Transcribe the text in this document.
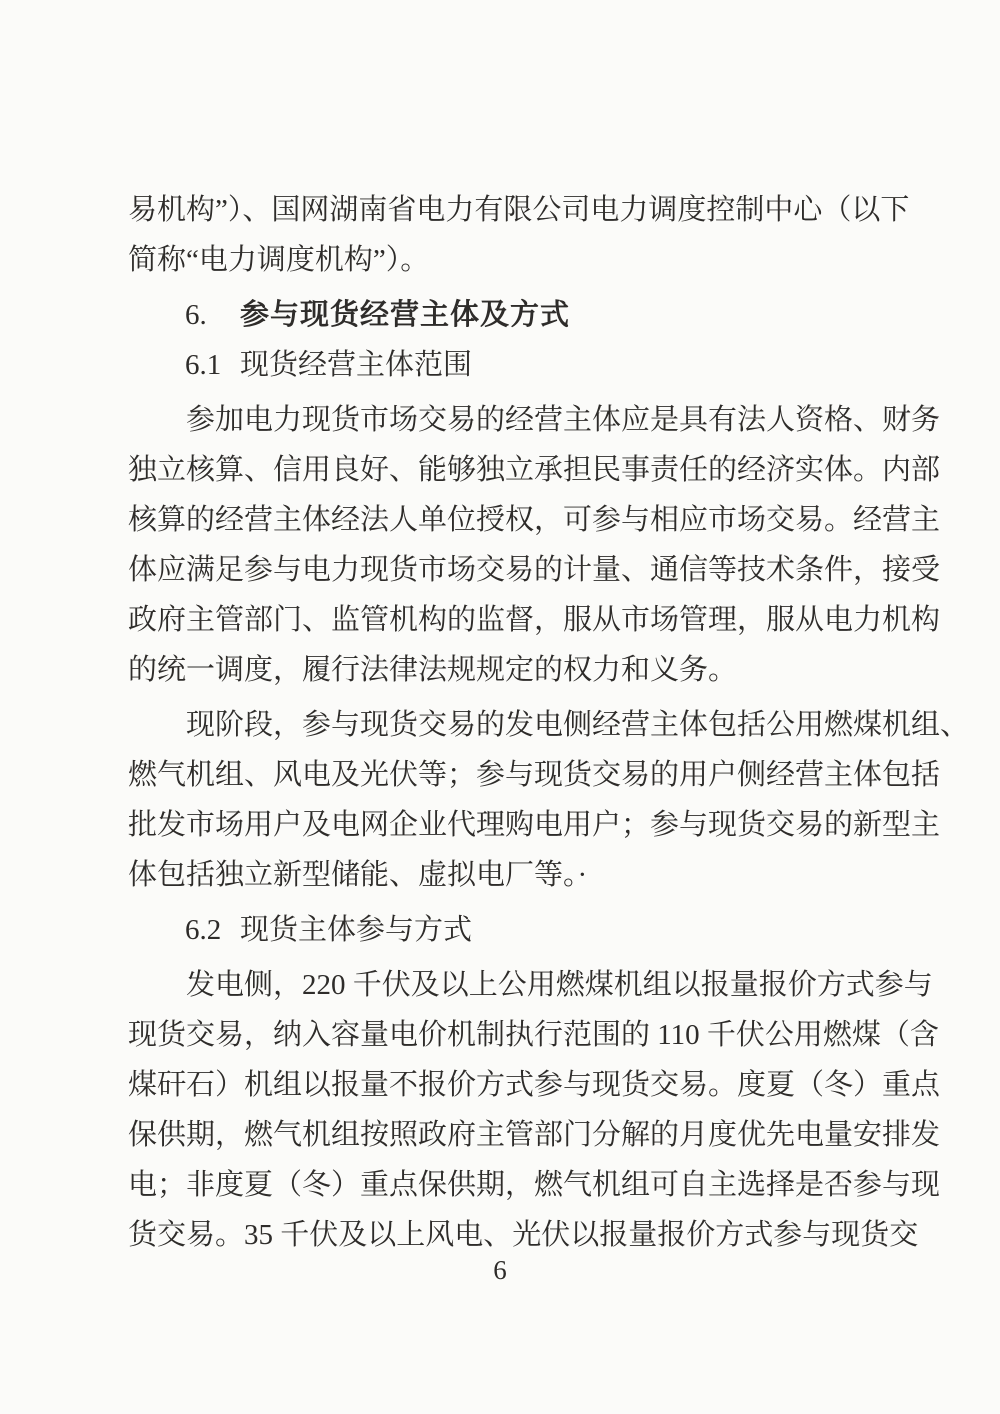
易机构”）、国网湖南省电力有限公司电力调度控制中心（以下
简称“电力调度机构”）。
6. 参与现货经营主体及方式
6.1 现货经营主体范围
参加电力现货市场交易的经营主体应是具有法人资格、财务
独立核算、信用良好、能够独立承担民事责任的经济实体。内部
核算的经营主体经法人单位授权，可参与相应市场交易。经营主
体应满足参与电力现货市场交易的计量、通信等技术条件，接受
政府主管部门、监管机构的监督，服从市场管理，服从电力机构
的统一调度，履行法律法规规定的权力和义务。
现阶段，参与现货交易的发电侧经营主体包括公用燃煤机组、
燃气机组、风电及光伏等；参与现货交易的用户侧经营主体包括
批发市场用户及电网企业代理购电用户；参与现货交易的新型主
体包括独立新型储能、虚拟电厂等。·
6.2 现货主体参与方式
发电侧，220 千伏及以上公用燃煤机组以报量报价方式参与
现货交易，纳入容量电价机制执行范围的 110 千伏公用燃煤（含
煤矸石）机组以报量不报价方式参与现货交易。度夏（冬）重点
保供期，燃气机组按照政府主管部门分解的月度优先电量安排发
电；非度夏（冬）重点保供期，燃气机组可自主选择是否参与现
货交易。35 千伏及以上风电、光伏以报量报价方式参与现货交
6
